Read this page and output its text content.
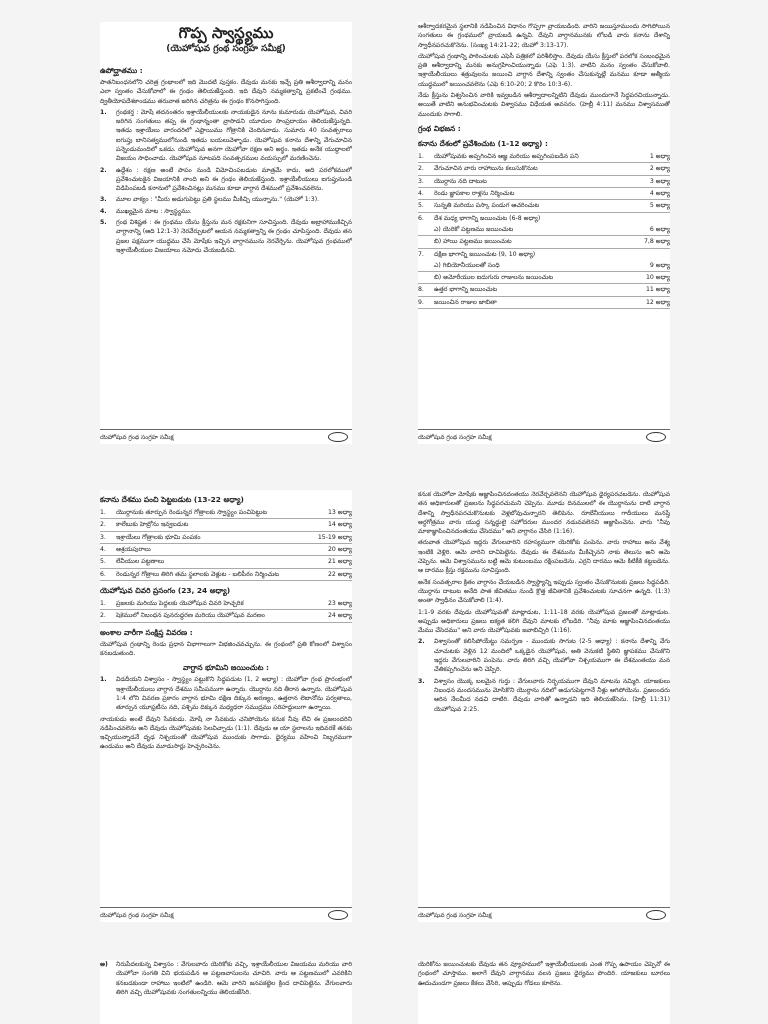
గొప్ప స్వాస్థ్యము
(యెహోషువ గ్రంథ సంగ్రహ సమీక్ష)
ఉపోద్ఘాతము :

పాతనిబంధనలోని చరిత్ర గ్రంథాలలో ఇది మొదటి పుస్తకం. దేవుడు మనకు ఇచ్చే ప్రతి ఆశీర్వాదాన్ని మనం ఎలా స్వంతం చేసుకోవాలో ఈ గ్రంథం తెలియజేస్తుంది. ఇది దేవుని నమ్మకత్వాన్ని ప్రకటించే గ్రంథము. ద్వితీయోపదేశకాండము తరువాత జరిగిన చరిత్రను ఈ గ్రంథం కొనసాగిస్తుంది.

1.	గ్రంథకర్త : మోషే తదనంతరం ఇశ్రాయేలీయులకు నాయకుడైన నూను కుమారుడు యెహోషువ, చివరి జరిగిన సంగతులు తప్ప ఈ గ్రంథాన్నంతా వ్రాసాడని యూదుల సాంప్రదాయం తెలియజేస్తున్నది. ఇతడు ఇశ్రాయేలు వారందరిలో ఎఫ్రాయిము గోత్రానికి చెందినవాడు. సుమారు 40 సంవత్సరాలు ఐగుప్తు బానిసత్వములోనుండి ఇతడు బయలువెళ్ళాడు. యెహోషువ కనాను దేశాన్ని వేగుచూచిన పన్నెండుమందిలో ఒకడు. యెహోషువ అనగా యెహోవా రక్షణ అని అర్థం. ఇతడు అనేక యుద్ధాలలో విజయం సాధించాడు. యెహోషువ నూటపది సంవత్సరముల వయస్సులో మరణించెను.
2.	ఉద్దేశం : రక్షణ అంటే పాపం నుండి విమోచింపబడుట మాత్రమే కాదు, అది పరలోకములో ప్రవేశించుటకైన విజయానికి నాంది అని ఈ గ్రంథం తెలియజేస్తుంది. ఇశ్రాయేలీయులు ఐగుప్తునుండి విడిపింపబడి కనానులో ప్రవేశించినట్లు మనము కూడా వాగ్దాన దేశములో ప్రవేశించవలెను.
3.	మూల వాక్యం : "మీరు అడుగుపెట్టు ప్రతి స్థలము మీకిచ్చి యున్నాను." (యెహో 1:3).
4.	ముఖ్యమైన మాట : స్వాస్థ్యము.
5.	గ్రంథ విశిష్టత : ఈ గ్రంథము యేసు క్రీస్తును మన రక్షకునిగా సూచిస్తుంది. దేవుడు అబ్రాహాముకిచ్చిన వాగ్దానాన్ని (ఆది 12:1-3) నెరవేర్చుటలో ఆయన నమ్మకత్వాన్ని ఈ గ్రంథం చూపిస్తుంది. దేవుడు తన ప్రజల పక్షముగా యుద్ధము చేసి మోషేకు ఇచ్చిన వాగ్దానమును నెరవేర్చెను. యెహోషువ గ్రంథములో ఇశ్రాయేలీయుల విజయాలు నమోదు చేయబడినవి.
యెహోషువ గ్రంథ సంగ్రహ సమీక్ష

ఆశీర్వాదకరమైన స్థలానికి నడిపించిన విధానం గొప్పగా వ్రాయబడింది. వారిని జయిస్తూముందు సాగిపోయిన సంగతులు ఈ గ్రంథములో వ్రాయబడి ఉన్నవి. దేవుని వాగ్దానమునకు లోబడి వారు కనాను దేశాన్ని స్వాధీనపరచుకొనెను. (సంఖ్య 14:21-22; యెహో 3:13-17).

యెహోషువ గ్రంథాన్ని పాఠించుటకు ఎఫెసీ పత్రికలో పరిశీలిస్తాం. దేవుడు యేసు క్రీస్తులో పరలోక సంబంధమైన ప్రతి ఆశీర్వాదాన్ని మనకు అనుగ్రహించియున్నాడు (ఎఫె 1:3). వాటిని మనం స్వంతం చేసుకోవాలి. ఇశ్రాయేలీయులు శత్రువులను జయించి వాగ్దాన దేశాన్ని స్వంతం చేసుకున్నట్లే మనము కూడా ఆత్మీయ యుద్ధములో జయించవలెను (ఎఫె 6:10-20; 2 కొరిం 10:3-6).

నేడు క్రీస్తును విశ్వసించిన వారికి ఇవ్వబడిన ఆశీర్వాదాలన్నిటిని దేవుడు ముందుగానే సిద్ధపరచియున్నాడు. అయితే వాటిని అనుభవించుటకు విశ్వాసము విధేయత అవసరం. (హెబ్రీ 4:11) మనము విశ్వాసముతో ముందుకు సాగాలి.

గ్రంథ విభజన :
కనాను దేశంలో ప్రవేశించుట (1-12 అధ్యా) :
1.	యెహోషువకు అప్పగించిన ఆజ్ఞ మరియు అప్పగింపబడిన పని	1 అధ్యా
2.	వేగుచూచిన వారు రాహాబును కలుసుకొనుట	2 అధ్యా
3.	యొర్దాను నది దాటుట	3 అధ్యా
4.	రెండు జ్ఞాపకాల రాళ్లను నిర్మించుట	4 అధ్యా
5.	సున్నతి మరియు పస్కా పండుగ ఆచరించుట	5 అధ్యా
6.	దేశ మధ్య భాగాన్ని జయించుట (6-8 అధ్యా)
ఎ) యెరికో పట్టణము జయించుట	6 అధ్యా
బి) హాయి పట్టణము జయించుట	7,8 అధ్యా
7.	దక్షిణ భాగాన్ని జయించుట (9, 10 అధ్యా)
ఎ) గిబియోనీయులతో సంధి	9 అధ్యా
బి) అమోరీయుల ఐదుగురు రాజులను జయించుట	10 అధ్యా
8.	ఉత్తర భాగాన్ని జయించుట	11 అధ్యా
9.	జయించిన రాజుల జాబితా	12 అధ్యా
యెహోషువ గ్రంథ సంగ్రహ సమీక్ష
కనాను దేశము పంచి పెట్టబడుట (13-22 అధ్యా)
1.	యొర్దానుకు తూర్పున రెండున్నర గోత్రాలకు స్వాస్థ్యం పంచిపెట్టుట	13 అధ్యా
2.	కాలేబుకు హెబ్రోను ఇవ్వబడుట	14 అధ్యా
3.	ఇశ్రాయేలు గోత్రాలకు భూమి పంపకం	15-19 అధ్యా
4.	ఆశ్రయపురాలు	20 అధ్యా
5.	లేవీయుల పట్టణాలు	21 అధ్యా
6.	రెండున్నర గోత్రాలు తిరిగి తమ స్థలాలకు వెళ్లుట - బలిపీఠం నిర్మించుట	22 అధ్యా
యెహోషువ చివరి ప్రసంగం (23, 24 అధ్యా)
1.	ప్రజలకు మరియు పెద్దలకు యెహోషువ చివరి హెచ్చరిక	23 అధ్యా
2.	షెకెములో నిబంధన పునరుద్ధరణ మరియు యెహోషువ మరణం	24 అధ్యా
అంశాల వారీగా సంక్షిప్త వివరణ :

యెహోషువ గ్రంథాన్ని రెండు ప్రధాన విభాగాలుగా విభజించవచ్చును. ఈ గ్రంథంలో ప్రతి కోణంలో విశ్వాసం కనబడుతుంది.

వాగ్దాన భూమిని జయించుట :
1.	విడదీయని విశ్వాసం - స్వాస్థ్యం పట్టుకొని సిద్ధపడుట (1, 2 అధ్యా) : యెహోవా గ్రంథ ప్రారంభంలో ఇశ్రాయేలీయులు వాగ్దాన దేశము సమీపముగా ఉన్నారు. యొర్దాను నది తీరాన ఉన్నారు. యెహోషువ 1:4 లోని వివరణ ప్రకారం వాగ్దాన భూమి దక్షిణ దిక్కున అరణ్యం, ఉత్తరాన లెబానోను పర్వతాలు, తూర్పున యూఫ్రటీసు నది, పశ్చిమ దిక్కున మధ్యధరా సముద్రము సరిహద్దులుగా ఉన్నాయి.

నాయకుడు అంటే దేవుని సేవకుడు. మోషే నా సేవకుడు చనిపోయెను కనుక నీవు లేచి ఈ ప్రజలందరిని నడిపించవలెను అని దేవుడు యెహోషువకు సెలవిచ్చాడు (1:1). దేవుడు ఆ యా స్థలాలను ఇదివరకే తనకు ఇచ్చియున్నాడనే దృఢ నిశ్చయంతో యెహోషువ ముందుకు సాగాడు. ధైర్యము వహించి నిబ్బరముగా ఉండుము అని దేవుడు మూడుసార్లు హెచ్చరించెను.

యెహోషువ గ్రంథ సంగ్రహ సమీక్ష

కనుక యెహోవా మోషేకు ఆజ్ఞాపించినదంతయు నెరవేర్చవలెనని యెహోషువ ధైర్యపరచబడెను. యెహోషువ తన అధికారులతో ప్రజలను సిద్ధపరచుమని చెప్పెను. మూడు దినములలో ఈ యొర్దానును దాటి వాగ్దాన దేశాన్ని స్వాధీనపరచుకొనుటకు వెళ్లబోవుచున్నారని తెలిపెను. రూబేనీయులు గాదీయులు మనష్షే అర్ధగోత్రము వారు యుద్ధ సన్నద్ధులై సహోదరుల ముందర నడువవలెనని ఆజ్ఞాపించెను. వారు "నీవు మాకాజ్ఞాపించినదంతయు చేసెదము" అని వాగ్దానం చేసిరి (1:16).

తరువాత యెహోషువ ఇద్దరు వేగులవారిని రహస్యముగా యెరికోకు పంపెను. వారు రాహాబు అను వేశ్య ఇంటికి వెళ్లిరి. ఆమె వారిని దాచిపెట్టెను. దేవుడు ఈ దేశమును మీకిచ్చెనని నాకు తెలుసు అని ఆమె చెప్పెను. ఆమె విశ్వాసమును బట్టి ఆమె కుటుంబము రక్షింపబడెను. ఎర్రని దారము ఆమె కిటికీకి కట్టబడెను. ఆ దారము క్రీస్తు రక్తమును సూచిస్తుంది.

అనేక సంవత్సరాల క్రితం వాగ్దానం చేయబడిన స్వాస్థ్యాన్ని ఇప్పుడు స్వంతం చేసుకొనుటకు ప్రజలు సిద్ధపడిరి. యొర్దాను దాటుట అనేది పాత జీవితము నుండి క్రొత్త జీవితానికి ప్రవేశించుటకు సూచనగా ఉన్నది. (1:3) అంతా స్వాధీనం చేసుకోవాలి (1:4).

1:1-9 వరకు దేవుడు యెహోషువతో మాట్లాడుట, 1:11-18 వరకు యెహోషువ ప్రజలతో మాట్లాడుట. అప్పుడు అధికారులు ప్రజలు ఐక్యత కలిగి దేవుని మాటకు లోబడిరి. "నీవు మాకు ఆజ్ఞాపించినదంతయు మేము చేసెదము" అని వారు యెహోషువకు జవాబిచ్చిరి (1:16).

2.	విశ్వాసంతో కలిసిపోయేట్టు సమర్పణ - ముందుకు సాగుట (2-5 అధ్యా) : కనాను దేశాన్ని వేగు చూచుటకు వెళ్లిన 12 మందిలో ఒక్కడైన యెహోషువ, అతి వెనుకటి స్థితిని జ్ఞాపకము చేసుకొని ఇద్దరు వేగులవారిని పంపెను. వారు తిరిగి వచ్చి యెహోవా నిశ్చయముగా ఈ దేశమంతయు మన చేతికప్పగించెను అని చెప్పిరి.
3.	విశ్వాసం యొక్క బలమైన గుర్తు : వేగులవారు నిర్భయముగా దేవుని మాటను నమ్మిరి. యాజకులు నిబంధన మందసమును మోసికొని యొర్దాను నదిలో అడుగుపెట్టగానే నీళ్లు ఆగిపోయెను. ప్రజలందరు ఆరిన నేలమీద నడచి దాటిరి. దేవుడు వారితో ఉన్నాడని ఇది తెలియజేసెను. (హెబ్రీ 11:31) యెహోషువ 2:25.
యెహోషువ గ్రంథ సంగ్రహ సమీక్ష
అ)	నిరుపేదలకున్న విశ్వాసం : వేగులవారు యెరికోకు వచ్చి, ఇశ్రాయేలీయుల విజయము మరియు వారి యెహోవా సంగతి విని భయపడిన ఆ పట్టణవాసులను చూచిరి. వారు ఆ పట్టణములో ఎవరికిని కనబడకుండా రాహాబు ఇంటిలో ఉండిరి. ఆమె వారిని జనపకట్టెల క్రింద దాచిపెట్టెను. వేగులవారు తిరిగి వచ్చి యెహోషువకు సంగతులన్నియు తెలియజేసిరి.

యెరికోను జయించుటకు దేవుడు తన వ్యూహములో ఇశ్రాయేలీయులకు ఎంత గొప్ప ఉపాయం చెప్పెనో ఈ గ్రంథంలో చూస్తాము. అలాగే దేవుని వాగ్దానము వలన ప్రజలు ధైర్యము పొందిరి. యాజకులు బూరలు ఊదుచుండగా ప్రజలు కేకలు వేసిరి, అప్పుడు గోడలు కూలెను.
